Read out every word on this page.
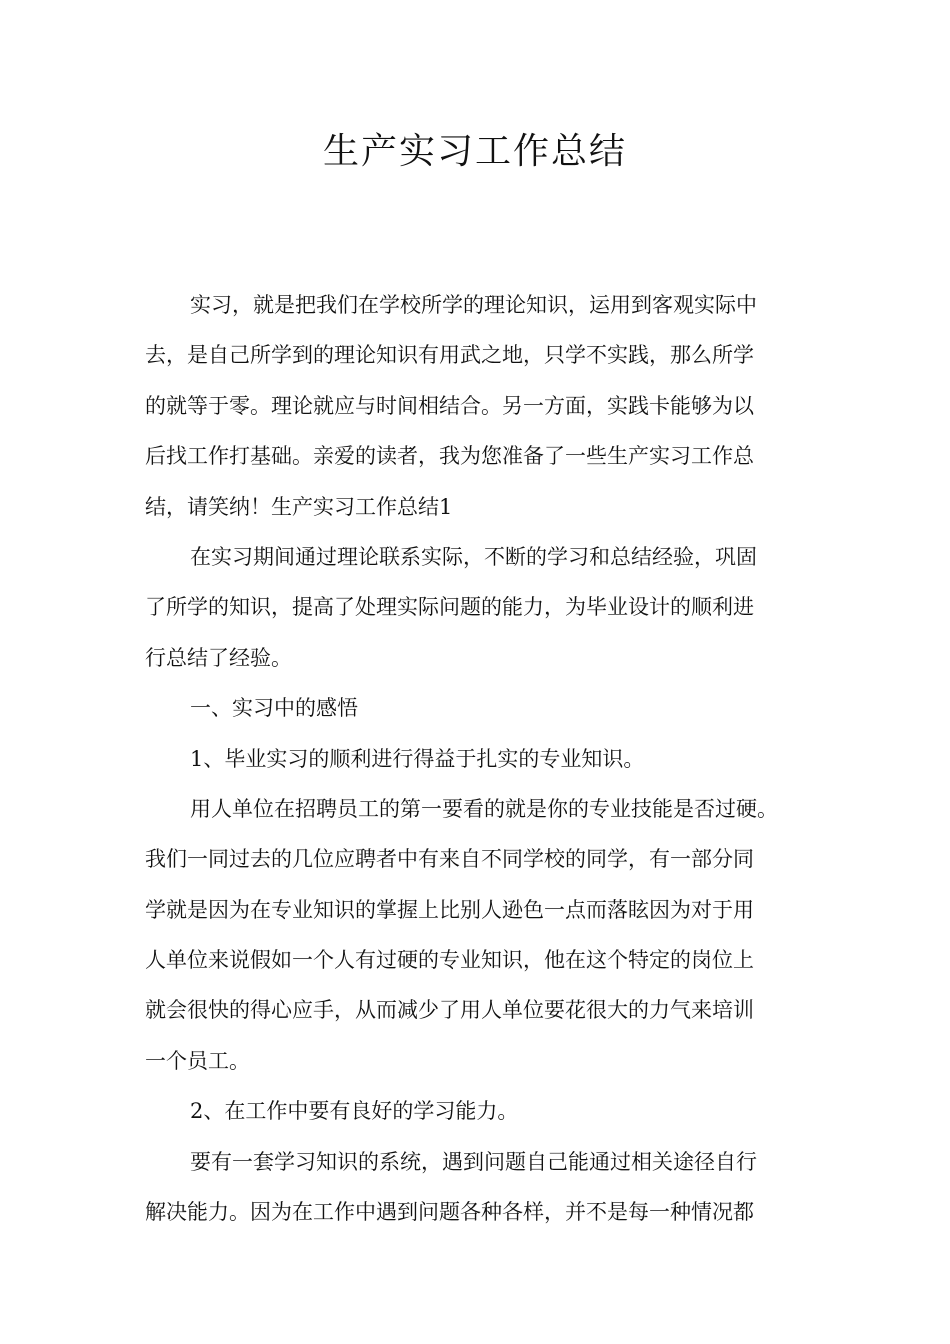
生产实习工作总结
实习，就是把我们在学校所学的理论知识，运用到客观实际中
去，是自己所学到的理论知识有用武之地，只学不实践，那么所学
的就等于零。理论就应与时间相结合。另一方面，实践卡能够为以
后找工作打基础。亲爱的读者，我为您准备了一些生产实习工作总
结，请笑纳！生产实习工作总结1
在实习期间通过理论联系实际，不断的学习和总结经验，巩固
了所学的知识，提高了处理实际问题的能力，为毕业设计的顺利进
行总结了经验。
一、实习中的感悟
1、毕业实习的顺利进行得益于扎实的专业知识。
用人单位在招聘员工的第一要看的就是你的专业技能是否过硬。
我们一同过去的几位应聘者中有来自不同学校的同学，有一部分同
学就是因为在专业知识的掌握上比别人逊色一点而落眩因为对于用
人单位来说假如一个人有过硬的专业知识，他在这个特定的岗位上
就会很快的得心应手，从而减少了用人单位要花很大的力气来培训
一个员工。
2、在工作中要有良好的学习能力。
要有一套学习知识的系统，遇到问题自己能通过相关途径自行
解决能力。因为在工作中遇到问题各种各样，并不是每一种情况都
